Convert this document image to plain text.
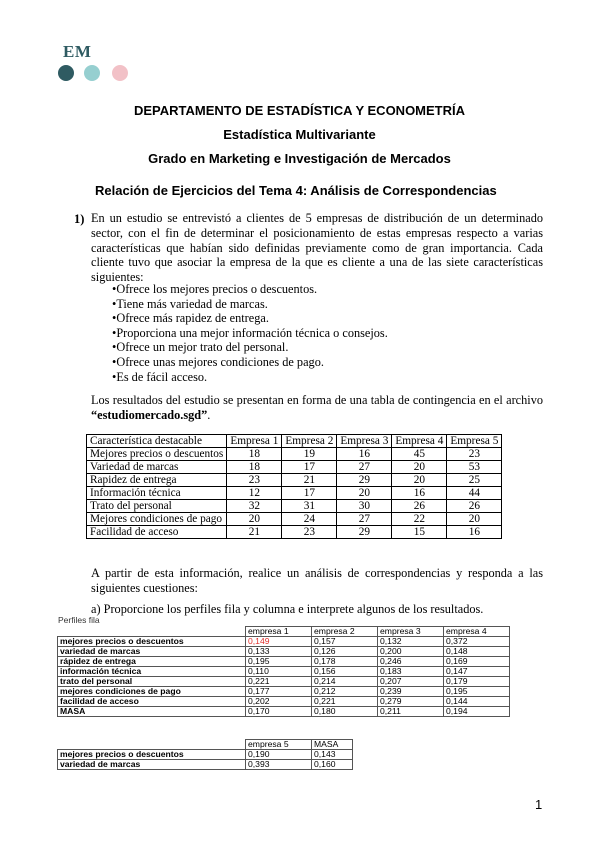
EM
DEPARTAMENTO DE ESTADÍSTICA Y ECONOMETRÍA
Estadística Multivariante
Grado en Marketing e Investigación de Mercados
Relación de Ejercicios del Tema 4: Análisis de Correspondencias
1) En un estudio se entrevistó a clientes de 5 empresas de distribución de un determinado sector, con el fin de determinar el posicionamiento de estas empresas respecto a varias características que habían sido definidas previamente como de gran importancia. Cada cliente tuvo que asociar la empresa de la que es cliente a una de las siete características siguientes:

• Ofrece los mejores precios o descuentos.
• Tiene más variedad de marcas.
• Ofrece más rapidez de entrega.
• Proporciona una mejor información técnica o consejos.
• Ofrece un mejor trato del personal.
• Ofrece unas mejores condiciones de pago.
• Es de fácil acceso.

Los resultados del estudio se presentan en forma de una tabla de contingencia en el archivo “estudiomercado.sgd”.

Característica destacable	Empresa 1	Empresa 2	Empresa 3	Empresa 4	Empresa 5
Mejores precios o descuentos	18	19	16	45	23
Variedad de marcas	18	17	27	20	53
Rapidez de entrega	23	21	29	20	25
Información técnica	12	17	20	16	44
Trato del personal	32	31	30	26	26
Mejores condiciones de pago	20	24	27	22	20
Facilidad de acceso	21	23	29	15	16

A partir de esta información, realice un análisis de correspondencias y responda a las siguientes cuestiones:

a) Proporcione los perfiles fila y columna e interprete algunos de los resultados.
Perfiles fila
	empresa 1	empresa 2	empresa 3	empresa 4
mejores precios o descuentos	0,149	0,157	0,132	0,372
variedad de marcas	0,133	0,126	0,200	0,148
rápidez de entrega	0,195	0,178	0,246	0,169
información técnica	0,110	0,156	0,183	0,147
trato del personal	0,221	0,214	0,207	0,179
mejores condiciones de pago	0,177	0,212	0,239	0,195
facilidad de acceso	0,202	0,221	0,279	0,144
MASA	0,170	0,180	0,211	0,194
	empresa 5	MASA
mejores precios o descuentos	0,190	0,143
variedad de marcas	0,393	0,160
1
